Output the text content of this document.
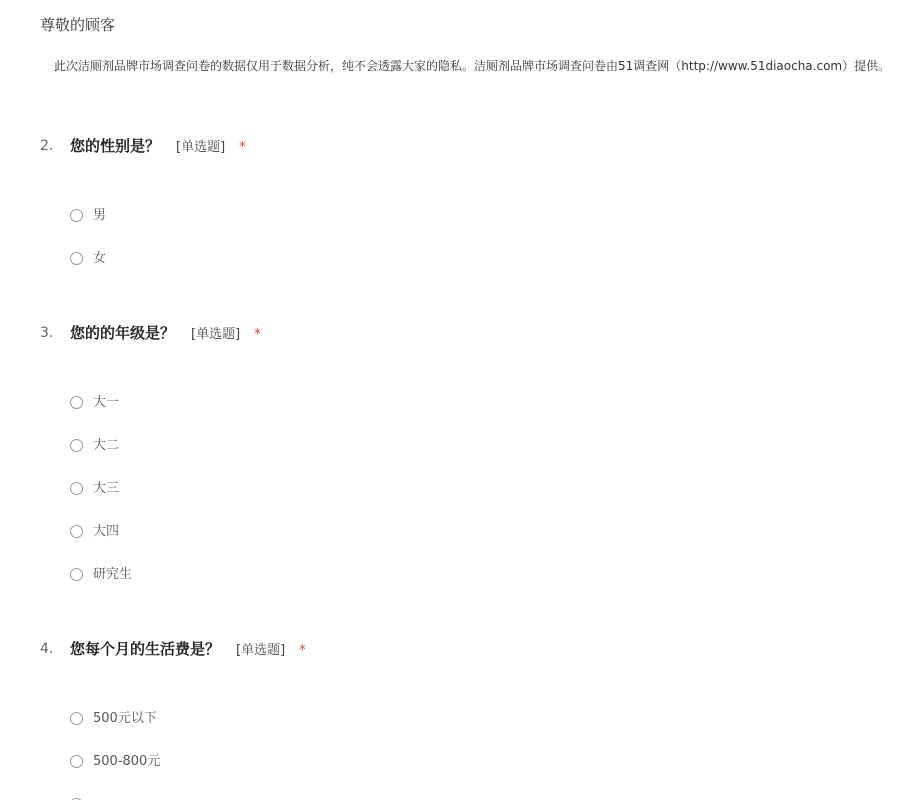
尊敬的顾客
此次洁厕剂品牌市场调查问卷的数据仅用于数据分析，纯不会透露大家的隐私。洁厕剂品牌市场调查问卷由51调查网（http://www.51diaocha.com）提供。
2. 您的性别是？ [单选题] *
男
女
3. 您的的年级是？ [单选题] *
大一
大二
大三
大四
研究生
4. 您每个月的生活费是？ [单选题] *
500元以下
500-800元
